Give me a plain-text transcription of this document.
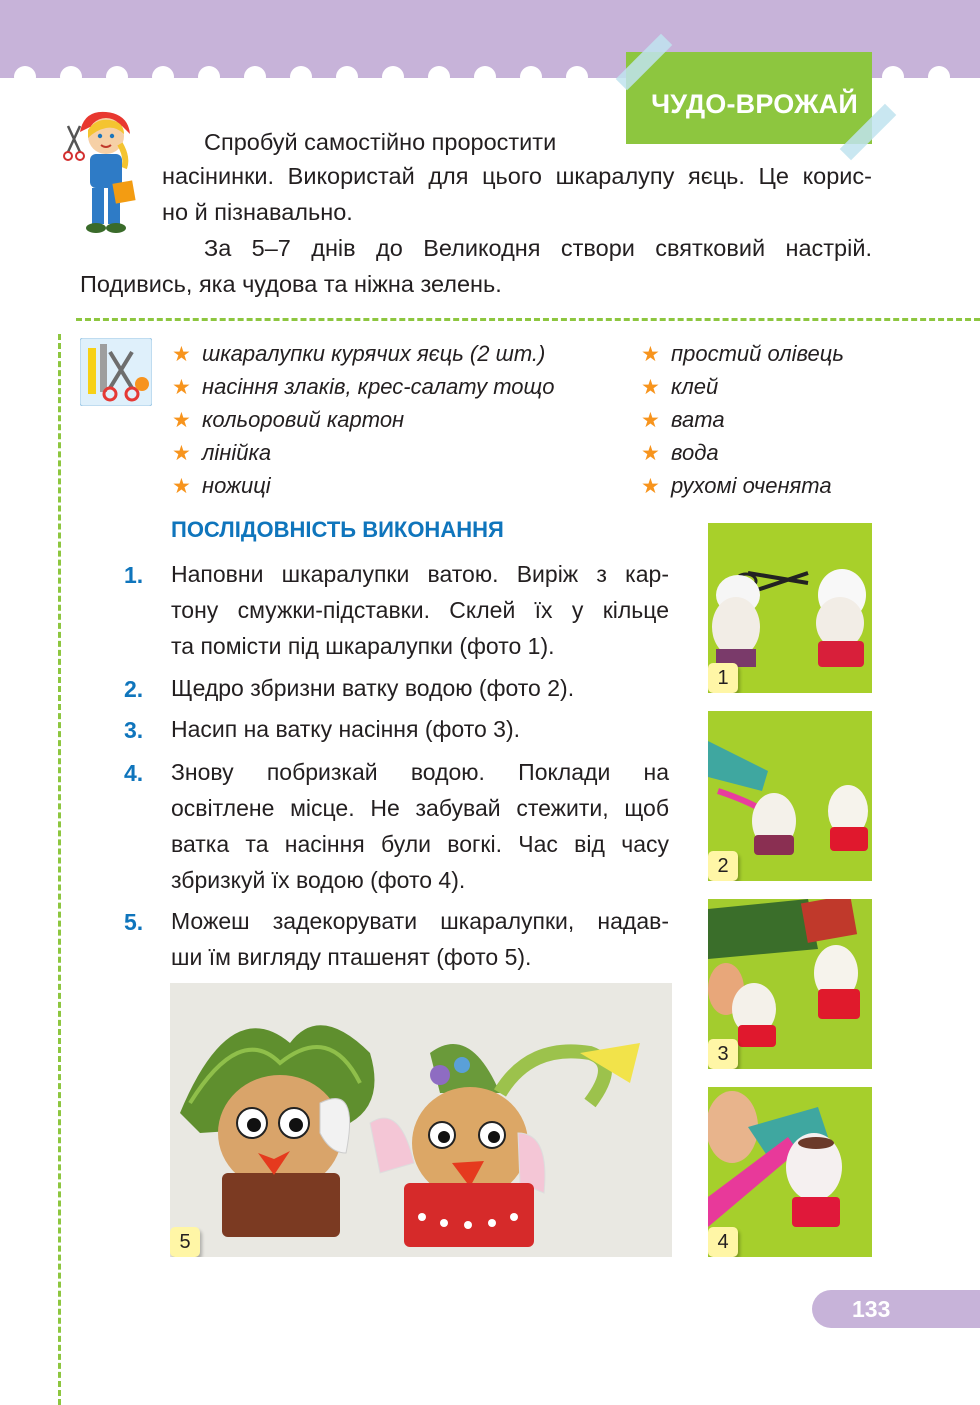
ЧУДО-ВРОЖАЙ
Спробуй самостійно проростити
насінинки. Використай для цього шкаралупу яєць. Це корис-
но й пізнавально.
За 5–7 днів до Великодня створи святковий настрій.
Подивись, яка чудова та ніжна зелень.
★ шкаралупки курячих яєць (2 шт.)
★ насіння злаків, крес-салату тощо
★ кольоровий картон
★ лінійка
★ ножиці
★ простий олівець
★ клей
★ вата
★ вода
★ рухомі оченята
ПОСЛІДОВНІСТЬ ВИКОНАННЯ
1. Наповни шкаралупки ватою. Виріж з кар-
тону смужки-підставки. Склей їх у кільце
та помісти під шкаралупки (фото 1).
2. Щедро збризни ватку водою (фото 2).
3. Насип на ватку насіння (фото 3).
4. Знову побризкай водою. Поклади на
освітлене місце. Не забувай стежити, щоб
ватка та насіння були вогкі. Час від часу
збризкуй їх водою (фото 4).
5. Можеш задекорувати шкаралупки, надав-
ши їм вигляду пташенят (фото 5).
5
1
2
3
4
133
